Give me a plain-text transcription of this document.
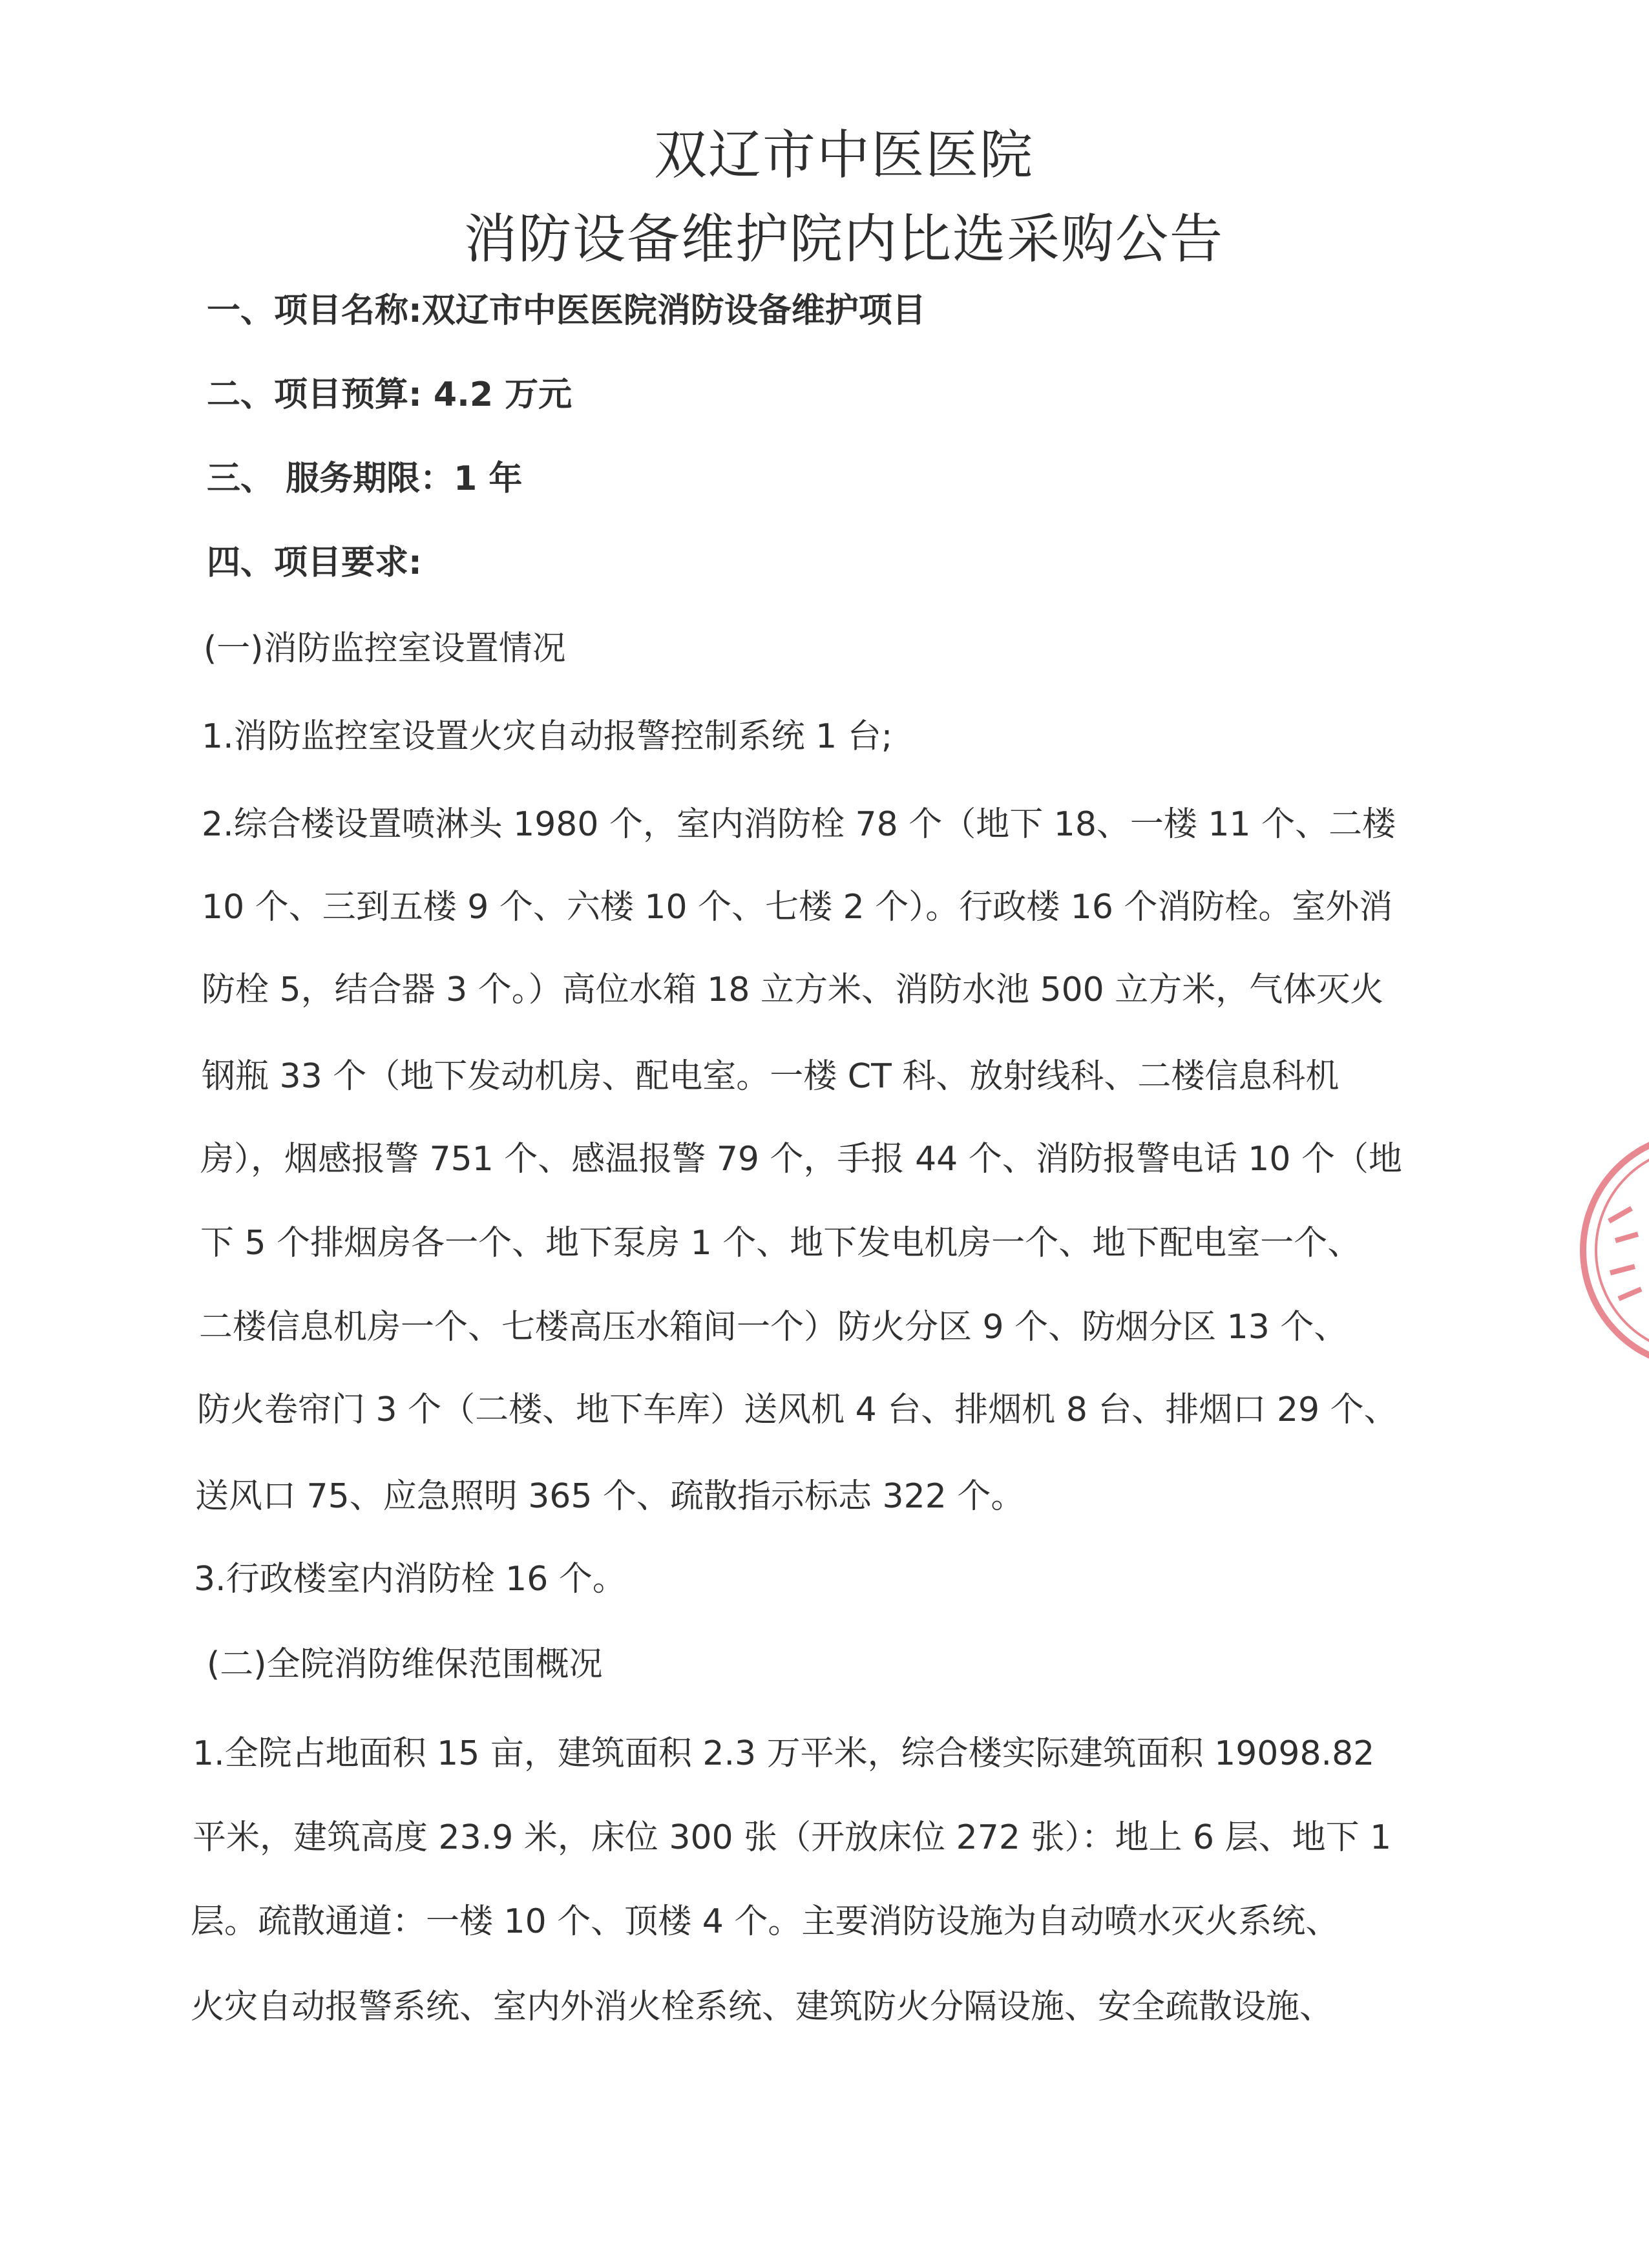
双辽市中医医院
消防设备维护院内比选采购公告
一、项目名称:双辽市中医医院消防设备维护项目
二、项目预算: 4.2 万元
三、 服务期限：1 年
四、项目要求:
(一)消防监控室设置情况
1.消防监控室设置火灾自动报警控制系统 1 台;
2.综合楼设置喷淋头 1980 个，室内消防栓 78 个（地下 18、一楼 11 个、二楼
10 个、三到五楼 9 个、六楼 10 个、七楼 2 个）。行政楼 16 个消防栓。室外消
防栓 5，结合器 3 个。）高位水箱 18 立方米、消防水池 500 立方米，气体灭火
钢瓶 33 个（地下发动机房、配电室。一楼 CT 科、放射线科、二楼信息科机
房），烟感报警 751 个、感温报警 79 个，手报 44 个、消防报警电话 10 个（地
下 5 个排烟房各一个、地下泵房 1 个、地下发电机房一个、地下配电室一个、
二楼信息机房一个、七楼高压水箱间一个）防火分区 9 个、防烟分区 13 个、
防火卷帘门 3 个（二楼、地下车库）送风机 4 台、排烟机 8 台、排烟口 29 个、
送风口 75、应急照明 365 个、疏散指示标志 322 个。
3.行政楼室内消防栓 16 个。
(二)全院消防维保范围概况
1.全院占地面积 15 亩，建筑面积 2.3 万平米，综合楼实际建筑面积 19098.82
平米，建筑高度 23.9 米，床位 300 张（开放床位 272 张）：地上 6 层、地下 1
层。疏散通道：一楼 10 个、顶楼 4 个。主要消防设施为自动喷水灭火系统、
火灾自动报警系统、室内外消火栓系统、建筑防火分隔设施、安全疏散设施、
